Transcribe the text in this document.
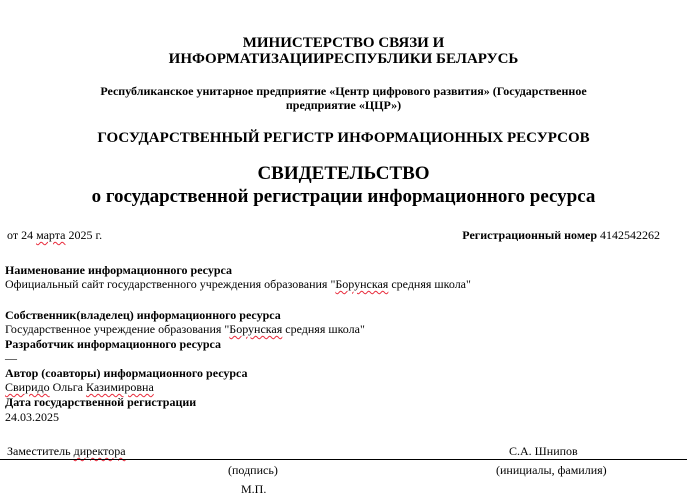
МИНИСТЕРСТВО СВЯЗИ И
ИНФОРМАТИЗАЦИИРЕСПУБЛИКИ БЕЛАРУСЬ
Республиканское унитарное предприятие «Центр цифрового развития» (Государственное
предприятие «ЦЦР»)
ГОСУДАРСТВЕННЫЙ РЕГИСТР ИНФОРМАЦИОННЫХ РЕСУРСОВ
СВИДЕТЕЛЬСТВО
о государственной регистрации информационного ресурса
от 24 марта 2025 г.	Регистрационный номер 4142542262
Наименование информационного ресурса
Официальный сайт государственного учреждения образования "Борунская средняя школа"
Собственник(владелец) информационного ресурса
Государственное учреждение образования "Борунская средняя школа"
Разработчик информационного ресурса
—
Автор (соавторы) информационного ресурса
Свиридо Ольга Казимировна
Дата государственной регистрации
24.03.2025
Заместитель директора	С.А. Шнипов
(подпись)	(инициалы, фамилия)
М.П.
